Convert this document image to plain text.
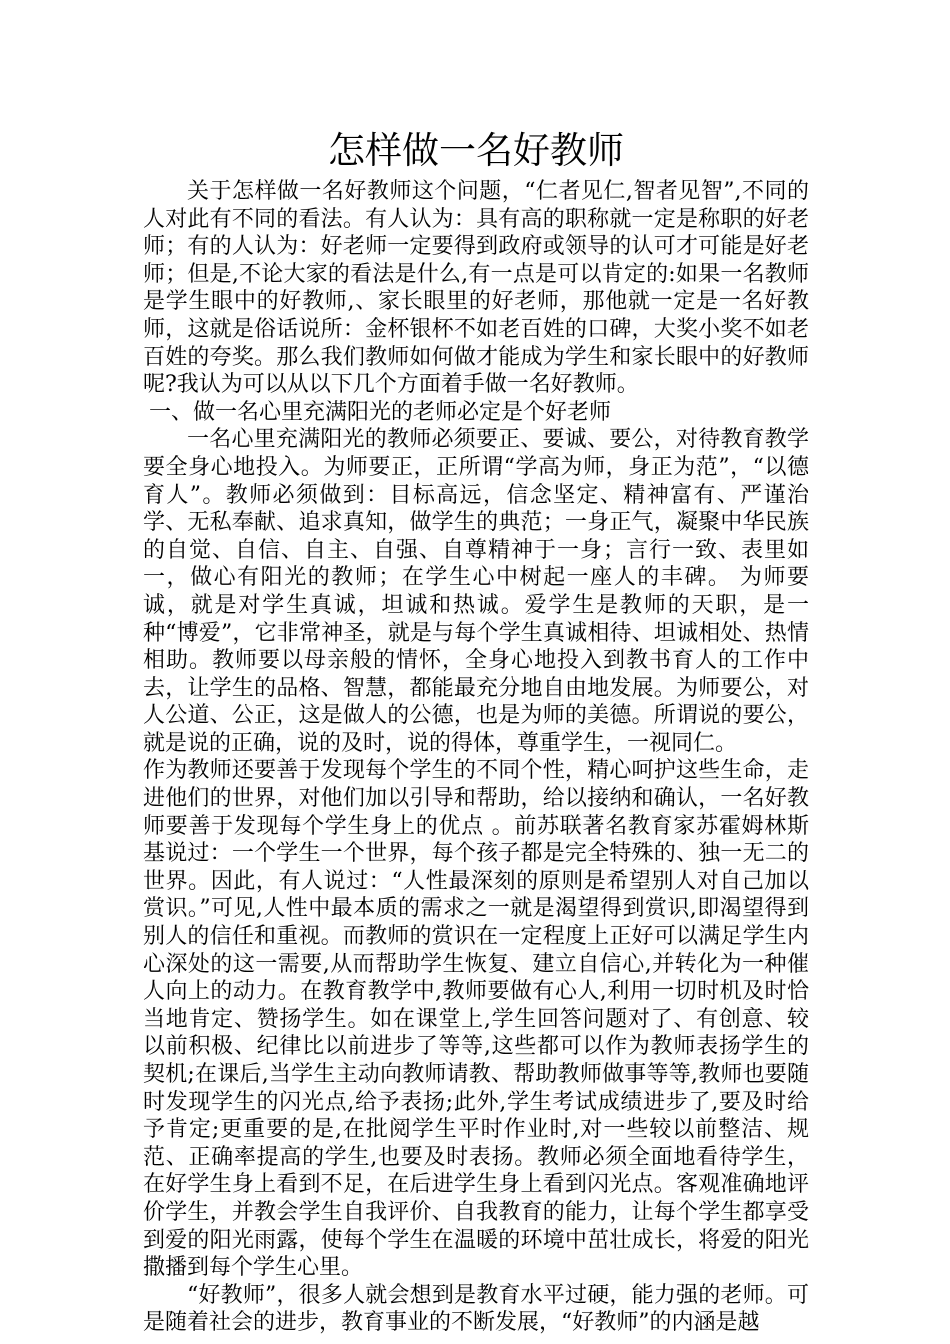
怎样做一名好教师

关于怎样做一名好教师这个问题，“仁者见仁,智者见智”,不同的人对此有不同的看法。有人认为：具有高的职称就一定是称职的好老师；有的人认为：好老师一定要得到政府或领导的认可才可能是好老师；但是,不论大家的看法是什么,有一点是可以肯定的:如果一名教师是学生眼中的好教师,、家长眼里的好老师，那他就一定是一名好教师，这就是俗话说所：金杯银杯不如老百姓的口碑，大奖小奖不如老百姓的夸奖。那么我们教师如何做才能成为学生和家长眼中的好教师呢?我认为可以从以下几个方面着手做一名好教师。

一、做一名心里充满阳光的老师必定是个好老师

一名心里充满阳光的教师必须要正、要诚、要公，对待教育教学要全身心地投入。为师要正，正所谓“学高为师，身正为范”，“以德育人”。教师必须做到：目标高远，信念坚定、精神富有、严谨治学、无私奉献、追求真知，做学生的典范；一身正气，凝聚中华民族的自觉、自信、自主、自强、自尊精神于一身；言行一致、表里如一，做心有阳光的教师；在学生心中树起一座人的丰碑。 为师要诚，就是对学生真诚，坦诚和热诚。爱学生是教师的天职，是一种“博爱”，它非常神圣，就是与每个学生真诚相待、坦诚相处、热情相助。教师要以母亲般的情怀，全身心地投入到教书育人的工作中去，让学生的品格、智慧，都能最充分地自由地发展。为师要公，对人公道、公正，这是做人的公德，也是为师的美德。所谓说的要公，就是说的正确，说的及时，说的得体，尊重学生，一视同仁。

作为教师还要善于发现每个学生的不同个性，精心呵护这些生命，走进他们的世界，对他们加以引导和帮助，给以接纳和确认，一名好教师要善于发现每个学生身上的优点 。前苏联著名教育家苏霍姆林斯基说过：一个学生一个世界，每个孩子都是完全特殊的、独一无二的世界。因此，有人说过：“人性最深刻的原则是希望别人对自己加以赏识。”可见,人性中最本质的需求之一就是渴望得到赏识,即渴望得到别人的信任和重视。而教师的赏识在一定程度上正好可以满足学生内心深处的这一需要,从而帮助学生恢复、建立自信心,并转化为一种催人向上的动力。在教育教学中,教师要做有心人,利用一切时机及时恰当地肯定、赞扬学生。如在课堂上,学生回答问题对了、有创意、较以前积极、纪律比以前进步了等等,这些都可以作为教师表扬学生的契机;在课后,当学生主动向教师请教、帮助教师做事等等,教师也要随时发现学生的闪光点,给予表扬;此外,学生考试成绩进步了,要及时给予肯定;更重要的是,在批阅学生平时作业时,对一些较以前整洁、规范、正确率提高的学生,也要及时表扬。教师必须全面地看待学生，在好学生身上看到不足，在后进学生身上看到闪光点。客观准确地评价学生，并教会学生自我评价、自我教育的能力，让每个学生都享受到爱的阳光雨露，使每个学生在温暖的环境中茁壮成长，将爱的阳光撒播到每个学生心里。

“好教师”，很多人就会想到是教育水平过硬，能力强的老师。可是随着社会的进步，教育事业的不断发展，“好教师”的内涵是越
